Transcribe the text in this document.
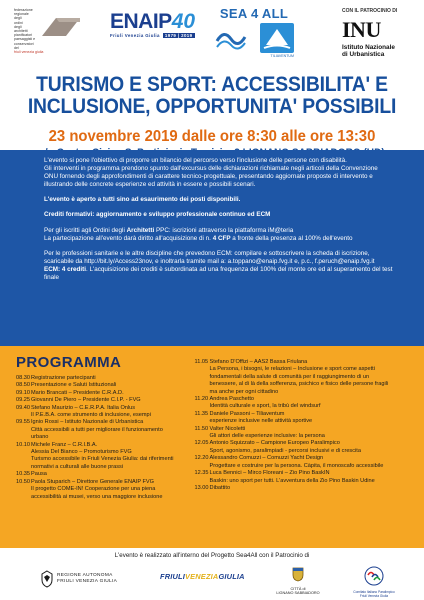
federazione
regionale
degli
ordini
degli
architetti
pianificatori
paesaggisti e
conservatori
del
friuli venezia giulia
ENAIP40
Friuli Venezia Giulia 1979 | 2019
SEA 4 ALL
TILIAVENTUM
CON IL PATROCINIO DI
INU
Istituto Nazionale
di Urbanistica
TURISMO E SPORT: ACCESSIBILITA' E
INCLUSIONE, OPPORTUNITA' POSSIBILI
23 novembre 2019 dalle ore 8:30 alle ore 13:30

L'evento si pone l'obiettivo di proporre un bilancio del percorso verso l'inclusione delle persone con disabilità.

Gli interventi in programma prendono spunto dall'excursus delle dichiarazioni richiamate negli articoli della Convenzione

ONU fornendo degli approfondimenti di carattere tecnico-progettuale, presentando aggiornate proposte di intervento e

illustrando delle concrete esperienze ed attività in essere e possibili scenari.

L'evento è aperto a tutti sino ad esaurimento dei posti disponibili.

Crediti formativi: aggiornamento e sviluppo professionale continuo ed ECM

Per gli iscritti agli Ordini degli Architetti PPC: iscrizioni attraverso la piattaforma iM@teria

La partecipazione all'evento darà diritto all'acquisizione di n. 4 CFP a fronte della presenza al 100% dell'evento

Per le professioni sanitarie e le altre discipline che prevedono ECM: compilare e sottoscrivere la scheda di iscrizione,

scaricabile da http://bit.ly/Access23nov, e inoltrarla tramite mail a: a.toppano@enaip.fvg.it e, p.c., f.peruch@enaip.fvg.it

ECM: 4 crediti. L'acquisizione dei crediti è subordinata ad una frequenza del 100% del monte ore ed al superamento del test

finale

PROGRAMMA
08.30 Registrazione partecipanti
08.50 Presentazione e Saluti Istituzionali
09.10 Mario Brancati – Presidente C.R.A.D.
09.25 Giovanni De Piero – Presidente C.I.P. - FVG
09.40 Stefano Maurizio – C.E.R.P.A. Italia Onlus
Il P.E.B.A. come strumento di inclusione, esempi
09.55 Ignio Rossi – Istituto Nazionale di Urbanistica
Città accessibili a tutti per migliorare il funzionamento
urbano
10.10 Michele Franz – C.R.I.B.A.
Alessia Del Bianco – Promoturismo FVG
Turismo accessibile in Friuli Venezia Giulia: dai riferimenti
normativi a culturali alle buone prassi
10.35 Pausa
10.50 Paola Stuparich – Direttore Generale ENAIP FVG
Il progetto COME-IN! Cooperazione per una piena
accessibilità ai musei, verso una maggiore inclusione
11.05 Stefano D'Offizi – AAS2 Bassa Friulana
La Persona, i bisogni, le relazioni – Inclusione e sport come aspetti
fondamentali della salute di comunità per il raggiungimento di un
benessere, al di là della sofferenza, psichico e fisico delle persone fragili
ma anche per ogni cittadino
11.20 Andrea Paschetto
Identità culturale e sport, la tribù del windsurf
11.35 Daniele Passoni – Tiliaventum
esperienze inclusive nelle attività sportive
11.50 Valter Nicoletti
Gli attori delle esperienze inclusive: la persona
12.05 Antonio Squizzato – Campione Europeo Paralimpico
Sport, agonismo, paralimpiadi - percorsi inclusivi e di crescita
12.20 Alessandro Comuzzi – Comuzzi Yacht Design
Progettare e costruire per la persona. Càpita, il monoscafo accessibile
12.35 Luca Bennici – Mirco Floreani – Zio Pino BaskIN
Baskin: uno sport per tutti. L'avventura della Zio Pino Baskin Udine
13.00 Dibattito
L'evento è realizzato all'interno del Progetto Sea4All con il Patrocinio di
REGIONE AUTONOMA
FRIULI VENEZIA GIULIA
FRIULIVENEZIAGIULIA
CITTÀ di
LIGNANO SABBIADORO	Comitato Italiano Paralimpico
Friuli Venezia Giulia
